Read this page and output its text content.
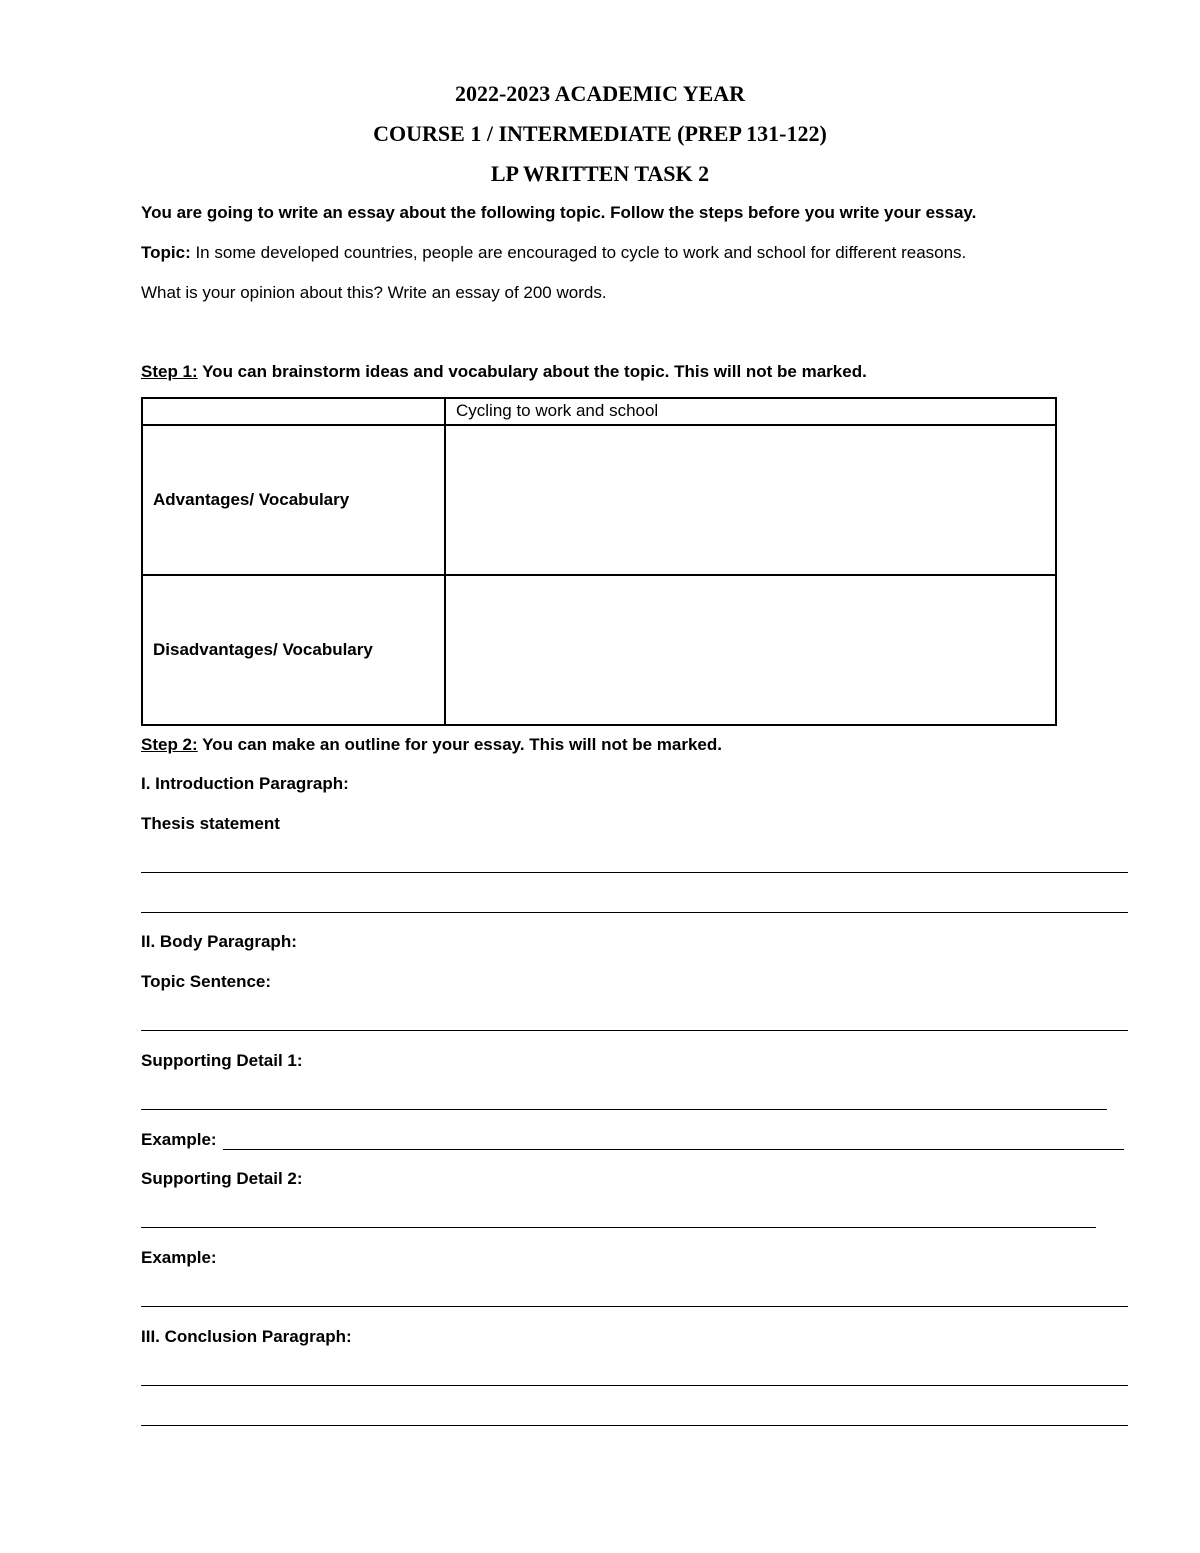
2022-2023 ACADEMIC YEAR
COURSE 1 / INTERMEDIATE (PREP 131-122)
LP WRITTEN TASK 2
You are going to write an essay about the following topic. Follow the steps before you write your essay.
Topic: In some developed countries, people are encouraged to cycle to work and school for different reasons.
What is your opinion about this? Write an essay of 200 words.
Step 1: You can brainstorm ideas and vocabulary about the topic. This will not be marked.
	Cycling to work and school
Advantages/ Vocabulary	
Disadvantages/ Vocabulary	
Step 2: You can make an outline for your essay. This will not be marked.
I. Introduction Paragraph:
Thesis statement
II. Body Paragraph:
Topic Sentence:
Supporting Detail 1:
Example:
Supporting Detail 2:
Example:
III. Conclusion Paragraph:
